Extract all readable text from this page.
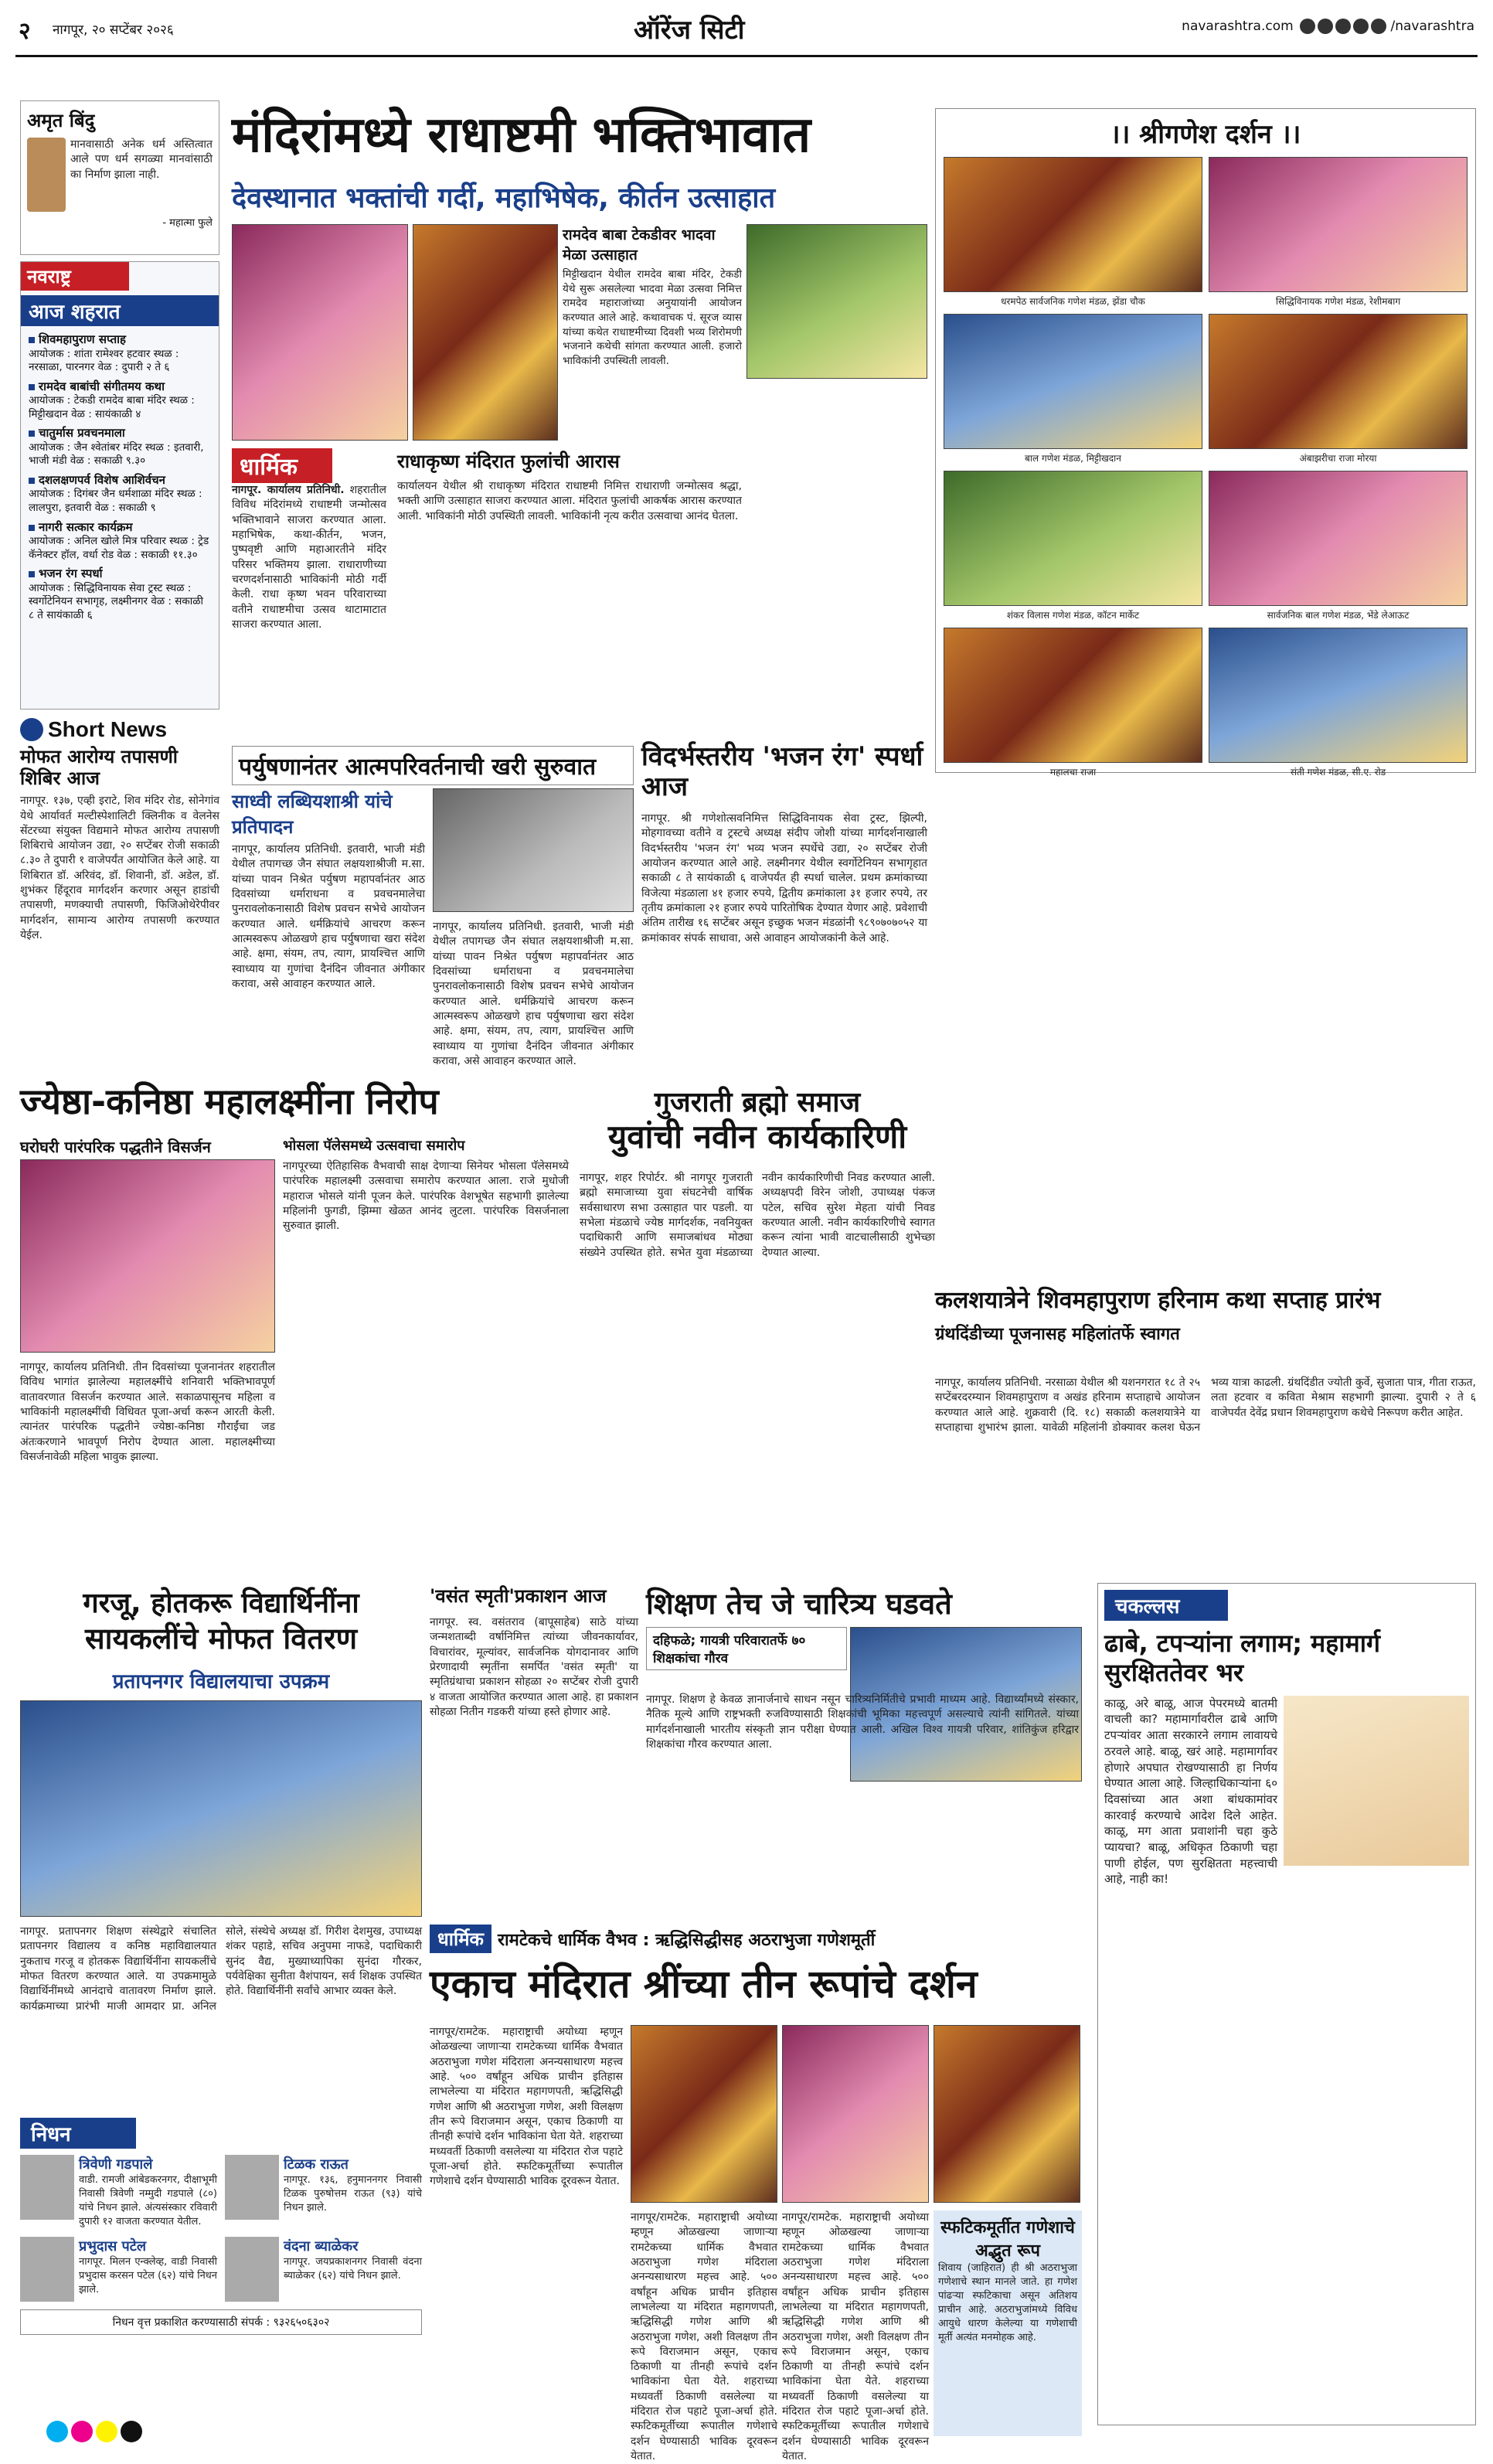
२ नागपूर, २० सप्टेंबर २०२६	ऑरेंज सिटी	navarashtra.com	/navarashtra
अमृत बिंदु
मानवासाठी अनेक धर्म अस्तित्वात आले पण धर्म सगळ्या मानवांसाठी का निर्माण झाला नाही.
- महात्मा फुले
नवराष्ट्र
आज शहरात
शिवमहापुराण सप्ताह
आयोजक : शांता रामेश्वर हटवार स्थळ : नरसाळा, पारनगर वेळ : दुपारी २ ते ६
रामदेव बाबांची संगीतमय कथा
आयोजक : टेकडी रामदेव बाबा मंदिर स्थळ : मिट्टीखदान वेळ : सायंकाळी ४
चातुर्मास प्रवचनमाला
आयोजक : जैन श्वेतांबर मंदिर स्थळ : इतवारी, भाजी मंडी वेळ : सकाळी ९.३०
दशलक्षणपर्व विशेष आशिर्वचन
आयोजक : दिगंबर जैन धर्मशाळा मंदिर स्थळ : लालपुरा, इतवारी वेळ : सकाळी ९
नागरी सत्कार कार्यक्रम
आयोजक : अनिल खोले मित्र परिवार स्थळ : ट्रेड कॅनेक्टर हॉल, वर्धा रोड वेळ : सकाळी ११.३०
भजन रंग स्पर्धा
आयोजक : सिद्धिविनायक सेवा ट्रस्ट स्थळ : स्वर्गोटेनियन सभागृह, लक्ष्मीनगर वेळ : सकाळी ८ ते सायंकाळी ६
Short News
मोफत आरोग्य तपासणी शिबिर आज
नागपूर. १३७, एव्ही इराटे, शिव मंदिर रोड, सोनेगांव येथे आर्यावर्त मल्टीस्पेशालिटी क्लिनीक व वेलनेस सेंटरच्या संयुक्त विद्यमाने मोफत आरोग्य तपासणी शिबिराचे आयोजन उद्या, २० सप्टेंबर रोजी सकाळी ८.३० ते दुपारी १ वाजेपर्यंत आयोजित केले आहे. या शिबिरात डॉ. अरिवंद, डॉ. शिवानी, डॉ. अडेल, डॉ. शुभंकर हिंदूराव मार्गदर्शन करणार असून हाडांची तपासणी, मणक्याची तपासणी, फिजिओथेरेपीवर मार्गदर्शन, सामान्य आरोग्य तपासणी करण्यात येईल.
मंदिरांमध्ये राधाष्टमी भक्तिभावात
देवस्थानात भक्तांची गर्दी, महाभिषेक, कीर्तन उत्साहात
रामदेव बाबा टेकडीवर भादवा मेळा उत्साहात
मिट्टीखदान येथील रामदेव बाबा मंदिर, टेकडी येथे सुरू असलेल्या भादवा मेळा उत्सवा निमित्त रामदेव महाराजांच्या अनुयायांनी आयोजन करण्यात आले आहे. कथावाचक पं. सूरज व्यास यांच्या कथेत राधाष्टमीच्या दिवशी भव्य शिरोमणी भजनाने कथेची सांगता करण्यात आली. हजारो भाविकांनी उपस्थिती लावली.
धार्मिक
नागपूर. कार्यालय प्रतिनिधी. शहरातील विविध मंदिरांमध्ये राधाष्टमी जन्मोत्सव भक्तिभावाने साजरा करण्यात आला. महाभिषेक, कथा-कीर्तन, भजन, पुष्पवृष्टी आणि महाआरतीने मंदिर परिसर भक्तिमय झाला. राधाराणीच्या चरणदर्शनासाठी भाविकांनी मोठी गर्दी केली. राधा कृष्ण भवन परिवाराच्या वतीने राधाष्टमीचा उत्सव थाटामाटात साजरा करण्यात आला.
राधाकृष्ण मंदिरात फुलांची आरास
कार्यालयन येथील श्री राधाकृष्ण मंदिरात राधाष्टमी निमित्त राधाराणी जन्मोत्सव श्रद्धा, भक्ती आणि उत्साहात साजरा करण्यात आला. मंदिरात फुलांची आकर्षक आरास करण्यात आली. भाविकांनी मोठी उपस्थिती लावली. भाविकांनी नृत्य करीत उत्सवाचा आनंद घेतला.
।। श्रीगणेश दर्शन ।।
धरमपेठ सार्वजनिक गणेश मंडळ, झेंडा चौक	सिद्धिविनायक गणेश मंडळ, रेशीमबाग
बाल गणेश मंडळ, मिट्टीखदान	अंबाझरीचा राजा मोरया
शंकर विलास गणेश मंडळ, कॉटन मार्केट	सार्वजनिक बाल गणेश मंडळ, भेंडे लेआऊट
महालचा राजा	संती गणेश मंडळ, सी.ए. रोड
पर्युषणानंतर आत्मपरिवर्तनाची खरी सुरुवात
साध्वी लब्धियशाश्री यांचे प्रतिपादन
नागपूर, कार्यालय प्रतिनिधी. इतवारी, भाजी मंडी येथील तपागच्छ जैन संघात लक्षयशाश्रीजी म.सा. यांच्या पावन निश्रेत पर्युषण महापर्वानंतर आठ दिवसांच्या धर्माराधना व प्रवचनमालेचा पुनरावलोकनासाठी विशेष प्रवचन सभेचे आयोजन करण्यात आले. धर्मक्रियांचे आचरण करून आत्मस्वरूप ओळखणे हाच पर्युषणाचा खरा संदेश आहे. क्षमा, संयम, तप, त्याग, प्रायश्चित्त आणि स्वाध्याय या गुणांचा दैनंदिन जीवनात अंगीकार करावा, असे आवाहन करण्यात आले.
नागपूर, कार्यालय प्रतिनिधी. इतवारी, भाजी मंडी येथील तपागच्छ जैन संघात लक्षयशाश्रीजी म.सा. यांच्या पावन निश्रेत पर्युषण महापर्वानंतर आठ दिवसांच्या धर्माराधना व प्रवचनमालेचा पुनरावलोकनासाठी विशेष प्रवचन सभेचे आयोजन करण्यात आले. धर्मक्रियांचे आचरण करून आत्मस्वरूप ओळखणे हाच पर्युषणाचा खरा संदेश आहे. क्षमा, संयम, तप, त्याग, प्रायश्चित्त आणि स्वाध्याय या गुणांचा दैनंदिन जीवनात अंगीकार करावा, असे आवाहन करण्यात आले.
विदर्भस्तरीय 'भजन रंग' स्पर्धा आज
नागपूर. श्री गणेशोत्सवनिमित्त सिद्धिविनायक सेवा ट्रस्ट, झिल्पी, मोहगावच्या वतीने व ट्रस्टचे अध्यक्ष संदीप जोशी यांच्या मार्गदर्शनाखाली विदर्भस्तरीय 'भजन रंग' भव्य भजन स्पर्धेचे उद्या, २० सप्टेंबर रोजी आयोजन करण्यात आले आहे. लक्ष्मीनगर येथील स्वर्गोटेनियन सभागृहात सकाळी ८ ते सायंकाळी ६ वाजेपर्यंत ही स्पर्धा चालेल. प्रथम क्रमांकाच्या विजेत्या मंडळाला ४१ हजार रुपये, द्वितीय क्रमांकाला ३१ हजार रुपये, तर तृतीय क्रमांकाला २१ हजार रुपये पारितोषिक देण्यात येणार आहे. प्रवेशाची अंतिम तारीख १६ सप्टेंबर असून इच्छुक भजन मंडळांनी ९८९०७०७०५२ या क्रमांकावर संपर्क साधावा, असे आवाहन आयोजकांनी केले आहे.
ज्येष्ठा-कनिष्ठा महालक्ष्मींना निरोप
घरोघरी पारंपरिक पद्धतीने विसर्जन
नागपूर, कार्यालय प्रतिनिधी. तीन दिवसांच्या पूजनानंतर शहरातील विविध भागांत झालेल्या महालक्ष्मींचे शनिवारी भक्तिभावपूर्ण वातावरणात विसर्जन करण्यात आले. सकाळपासूनच महिला व भाविकांनी महालक्ष्मींची विधिवत पूजा-अर्चा करून आरती केली. त्यानंतर पारंपरिक पद्धतीने ज्येष्ठा-कनिष्ठा गौराईंचा जड अंतःकरणाने भावपूर्ण निरोप देण्यात आला. महालक्ष्मीच्या विसर्जनावेळी महिला भावुक झाल्या.
भोसला पॅलेसमध्ये उत्सवाचा समारोप
नागपूरच्या ऐतिहासिक वैभवाची साक्ष देणाऱ्या सिनेयर भोसला पॅलेसमध्ये पारंपरिक महालक्ष्मी उत्सवाचा समारोप करण्यात आला. राजे मुधोजी महाराज भोसले यांनी पूजन केले. पारंपरिक वेशभूषेत सहभागी झालेल्या महिलांनी फुगडी, झिम्मा खेळत आनंद लुटला. पारंपरिक विसर्जनाला सुरुवात झाली.
गुजराती ब्रह्मो समाज
युवांची नवीन कार्यकारिणी
नागपूर, शहर रिपोर्टर. श्री नागपूर गुजराती ब्रह्मो समाजाच्या युवा संघटनेची वार्षिक सर्वसाधारण सभा उत्साहात पार पडली. या सभेला मंडळाचे ज्येष्ठ मार्गदर्शक, नवनियुक्त पदाधिकारी आणि समाजबांधव मोठ्या संख्येने उपस्थित होते. सभेत युवा मंडळाच्या नवीन कार्यकारिणीची निवड करण्यात आली. अध्यक्षपदी विरेन जोशी, उपाध्यक्ष पंकज पटेल, सचिव सुरेश मेहता यांची निवड करण्यात आली. नवीन कार्यकारिणीचे स्वागत करून त्यांना भावी वाटचालीसाठी शुभेच्छा देण्यात आल्या.
कलशयात्रेने शिवमहापुराण हरिनाम कथा सप्ताह प्रारंभ
ग्रंथदिंडीच्या पूजनासह महिलांतर्फे स्वागत
नागपूर, कार्यालय प्रतिनिधी. नरसाळा येथील श्री यशनगरात १८ ते २५ सप्टेंबरदरम्यान शिवमहापुराण व अखंड हरिनाम सप्ताहाचे आयोजन करण्यात आले आहे. शुक्रवारी (दि. १८) सकाळी कलशयात्रेने या सप्ताहाचा शुभारंभ झाला. यावेळी महिलांनी डोक्यावर कलश घेऊन भव्य यात्रा काढली. ग्रंथदिंडीत ज्योती कुर्वे, सुजाता पात्र, गीता राऊत, लता हटवार व कविता मेश्राम सहभागी झाल्या. दुपारी २ ते ६ वाजेपर्यंत देवेंद्र प्रधान शिवमहापुराण कथेचे निरूपण करीत आहेत.
गरजू, होतकरू विद्यार्थिनींना
सायकलींचे मोफत वितरण
प्रतापनगर विद्यालयाचा उपक्रम
नागपूर. प्रतापनगर शिक्षण संस्थेद्वारे संचालित प्रतापनगर विद्यालय व कनिष्ठ महाविद्यालयात नुकताच गरजू व होतकरू विद्यार्थिनींना सायकलींचे मोफत वितरण करण्यात आले. या उपक्रमामुळे विद्यार्थिनींमध्ये आनंदाचे वातावरण निर्माण झाले. कार्यक्रमाच्या प्रारंभी माजी आमदार प्रा. अनिल सोले, संस्थेचे अध्यक्ष डॉ. गिरीश देशमुख, उपाध्यक्ष शंकर पहाडे, सचिव अनुपमा नाफडे, पदाधिकारी सुनंद वैद्य, मुख्याध्यापिका सुनंदा गौरकर, पर्यवेक्षिका सुनीता वैशंपायन, सर्व शिक्षक उपस्थित होते. विद्यार्थिनींनी सर्वांचे आभार व्यक्त केले.
'वसंत स्मृती'प्रकाशन आज
नागपूर. स्व. वसंतराव (बापूसाहेब) साठे यांच्या जन्मशताब्दी वर्षानिमित्त त्यांच्या जीवनकार्यावर, विचारांवर, मूल्यांवर, सार्वजनिक योगदानावर आणि प्रेरणादायी स्मृतींना समर्पित 'वसंत स्मृती' या स्मृतिग्रंथाचा प्रकाशन सोहळा २० सप्टेंबर रोजी दुपारी ४ वाजता आयोजित करण्यात आला आहे. हा प्रकाशन सोहळा नितीन गडकरी यांच्या हस्ते होणार आहे.
शिक्षण तेच जे चारित्र्य घडवते
दहिफळे; गायत्री परिवारातर्फे ७० शिक्षकांचा गौरव
नागपूर. शिक्षण हे केवळ ज्ञानार्जनाचे साधन नसून चारित्र्यनिर्मितीचे प्रभावी माध्यम आहे. विद्यार्थ्यांमध्ये संस्कार, नैतिक मूल्ये आणि राष्ट्रभक्ती रुजविण्यासाठी शिक्षकांची भूमिका महत्त्वपूर्ण असल्याचे त्यांनी सांगितले. यांच्या मार्गदर्शनाखाली भारतीय संस्कृती ज्ञान परीक्षा घेण्यात आली. अखिल विश्व गायत्री परिवार, शांतिकुंज हरिद्वार शिक्षकांचा गौरव करण्यात आला.
धार्मिक रामटेकचे धार्मिक वैभव : ऋद्धिसिद्धीसह अठराभुजा गणेशमूर्ती
एकाच मंदिरात श्रींच्या तीन रूपांचे दर्शन
नागपूर/रामटेक. महाराष्ट्राची अयोध्या म्हणून ओळखल्या जाणाऱ्या रामटेकच्या धार्मिक वैभवात अठराभुजा गणेश मंदिराला अनन्यसाधारण महत्त्व आहे. ५०० वर्षांहून अधिक प्राचीन इतिहास लाभलेल्या या मंदिरात महागणपती, ऋद्धिसिद्धी गणेश आणि श्री अठराभुजा गणेश, अशी विलक्षण तीन रूपे विराजमान असून, एकाच ठिकाणी या तीनही रूपांचे दर्शन भाविकांना घेता येते. शहराच्या मध्यवर्ती ठिकाणी वसलेल्या या मंदिरात रोज पहाटे पूजा-अर्चा होते. स्फटिकमूर्तीच्या रूपातील गणेशाचे दर्शन घेण्यासाठी भाविक दूरवरून येतात.
नागपूर/रामटेक. महाराष्ट्राची अयोध्या म्हणून ओळखल्या जाणाऱ्या रामटेकच्या धार्मिक वैभवात अठराभुजा गणेश मंदिराला अनन्यसाधारण महत्त्व आहे. ५०० वर्षांहून अधिक प्राचीन इतिहास लाभलेल्या या मंदिरात महागणपती, ऋद्धिसिद्धी गणेश आणि श्री अठराभुजा गणेश, अशी विलक्षण तीन रूपे विराजमान असून, एकाच ठिकाणी या तीनही रूपांचे दर्शन भाविकांना घेता येते. शहराच्या मध्यवर्ती ठिकाणी वसलेल्या या मंदिरात रोज पहाटे पूजा-अर्चा होते. स्फटिकमूर्तीच्या रूपातील गणेशाचे दर्शन घेण्यासाठी भाविक दूरवरून येतात.
नागपूर/रामटेक. महाराष्ट्राची अयोध्या म्हणून ओळखल्या जाणाऱ्या रामटेकच्या धार्मिक वैभवात अठराभुजा गणेश मंदिराला अनन्यसाधारण महत्त्व आहे. ५०० वर्षांहून अधिक प्राचीन इतिहास लाभलेल्या या मंदिरात महागणपती, ऋद्धिसिद्धी गणेश आणि श्री अठराभुजा गणेश, अशी विलक्षण तीन रूपे विराजमान असून, एकाच ठिकाणी या तीनही रूपांचे दर्शन भाविकांना घेता येते. शहराच्या मध्यवर्ती ठिकाणी वसलेल्या या मंदिरात रोज पहाटे पूजा-अर्चा होते. स्फटिकमूर्तीच्या रूपातील गणेशाचे दर्शन घेण्यासाठी भाविक दूरवरून येतात.
स्फटिकमूर्तीत गणेशाचे अद्भुत रूप
शिवाय (जाहिरात) ही श्री अठराभुजा गणेशाचे स्थान मानले जाते. हा गणेश पांढऱ्या स्फटिकाचा असून अतिशय प्राचीन आहे. अठराभुजांमध्ये विविध आयुधे धारण केलेल्या या गणेशाची मूर्ती अत्यंत मनमोहक आहे.
निधन
त्रिवेणी गडपाले
वाडी. रामजी आंबेडकरनगर, दीक्षाभूमी निवासी त्रिवेणी नम्मुदी गडपाले (८०) यांचे निधन झाले. अंत्यसंस्कार रविवारी दुपारी १२ वाजता करण्यात येतील.
टिळक राऊत
नागपूर. १३६, हनुमाननगर निवासी टिळक पुरुषोत्तम राऊत (९३) यांचे निधन झाले.
प्रभुदास पटेल
नागपूर. मिलन एन्क्लेव्ह, वाडी निवासी प्रभुदास करसन पटेल (६२) यांचे निधन झाले.
वंदना ब्याळेकर
नागपूर. जयप्रकाशनगर निवासी वंदना ब्याळेकर (६२) यांचे निधन झाले.
निधन वृत्त प्रकाशित करण्यासाठी संपर्क : ९३२६५०६३०२
चकल्लस
ढाबे, टपऱ्यांना लगाम; महामार्ग सुरक्षिततेवर भर
काळू, अरे बाळू, आज पेपरमध्ये बातमी वाचली का? महामार्गावरील ढाबे आणि टपऱ्यांवर आता सरकारने लगाम लावायचे ठरवले आहे. बाळू, खरं आहे. महामार्गावर होणारे अपघात रोखण्यासाठी हा निर्णय घेण्यात आला आहे. जिल्हाधिकाऱ्यांना ६० दिवसांच्या आत अशा बांधकामांवर कारवाई करण्याचे आदेश दिले आहेत. काळू, मग आता प्रवाशांनी चहा कुठे प्यायचा? बाळू, अधिकृत ठिकाणी चहा पाणी होईल, पण सुरक्षितता महत्त्वाची आहे, नाही का!
